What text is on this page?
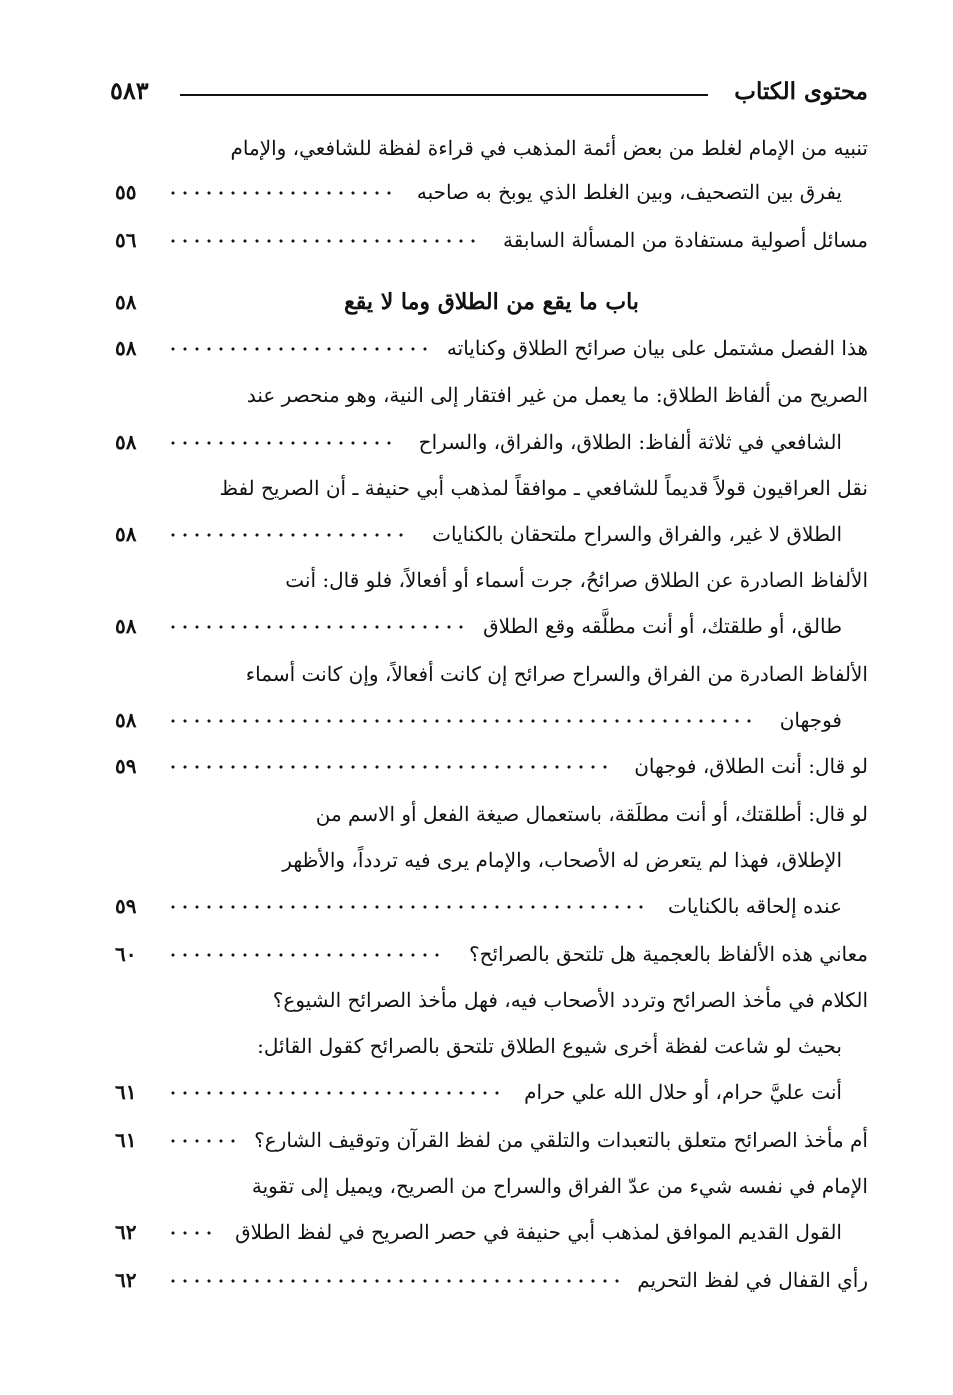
محتوى الكتاب
٥٨٣
تنبيه من الإمام لغلط من بعض أئمة المذهب في قراءة لفظة للشافعي، والإمام
يفرق بين التصحيف، وبين الغلط الذي يوبخ به صاحبه
٥٥
مسائل أصولية مستفادة من المسألة السابقة
٥٦
باب ما يقع من الطلاق وما لا يقع
٥٨
هذا الفصل مشتمل على بيان صرائح الطلاق وكناياته
٥٨
الصريح من ألفاظ الطلاق: ما يعمل من غير افتقار إلى النية، وهو منحصر عند
الشافعي في ثلاثة ألفاظ: الطلاق، والفراق، والسراح
٥٨
نقل العراقيون قولاً قديماً للشافعي ـ موافقاً لمذهب أبي حنيفة ـ أن الصريح لفظ
الطلاق لا غير، والفراق والسراح ملتحقان بالكنايات
٥٨
الألفاظ الصادرة عن الطلاق صرائحُ، جرت أسماء أو أفعالاً، فلو قال: أنت
طالق، أو طلقتك، أو أنت مطلَّقه وقع الطلاق
٥٨
الألفاظ الصادرة من الفراق والسراح صرائح إن كانت أفعالاً، وإن كانت أسماء
فوجهان
٥٨
لو قال: أنت الطلاق، فوجهان
٥٩
لو قال: أطلقتك، أو أنت مطلَقة، باستعمال صيغة الفعل أو الاسم من
الإطلاق، فهذا لم يتعرض له الأصحاب، والإمام يرى فيه تردداً، والأظهر
عنده إلحاقه بالكنايات
٥٩
معاني هذه الألفاظ بالعجمية هل تلتحق بالصرائح؟
٦٠
الكلام في مأخذ الصرائح وتردد الأصحاب فيه، فهل مأخذ الصرائح الشيوع؟
بحيث لو شاعت لفظة أخرى شيوع الطلاق تلتحق بالصرائح كقول القائل:
أنت عليَّ حرام، أو حلال الله علي حرام
٦١
أم مأخذ الصرائح متعلق بالتعبدات والتلقي من لفظ القرآن وتوقيف الشارع؟
٦١
الإمام في نفسه شيء من عدّ الفراق والسراح من الصريح، ويميل إلى تقوية
القول القديم الموافق لمذهب أبي حنيفة في حصر الصريح في لفظ الطلاق
٦٢
رأي القفال في لفظ التحريم
٦٢
